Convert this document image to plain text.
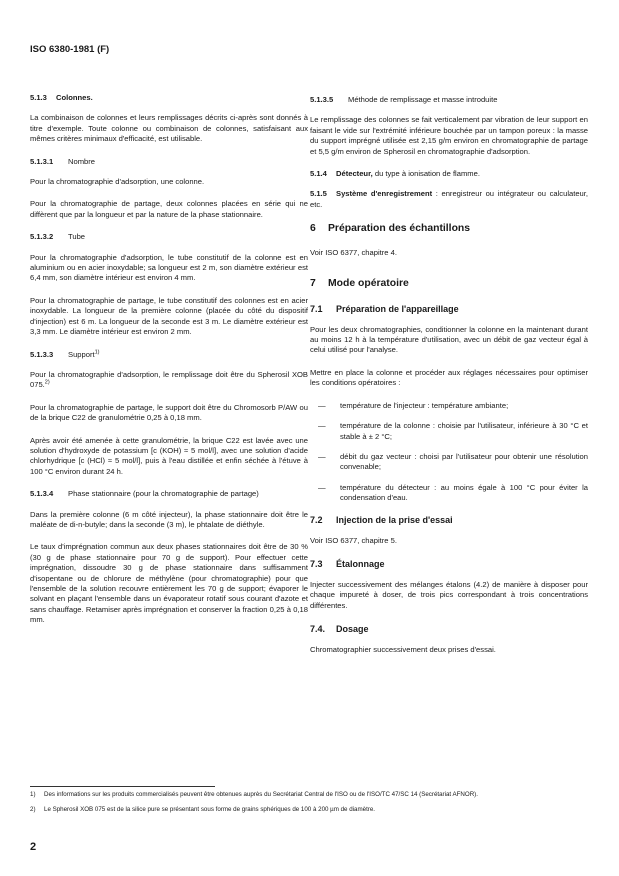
ISO 6380-1981 (F)
5.1.3 Colonnes.

La combinaison de colonnes et leurs remplissages décrits ci-après sont donnés à titre d'exemple. Toute colonne ou combinaison de colonnes, satisfaisant aux mêmes critères minimaux d'efficacité, est utilisable.

5.1.3.1 Nombre

Pour la chromatographie d'adsorption, une colonne.

Pour la chromatographie de partage, deux colonnes placées en série qui ne diffèrent que par la longueur et par la nature de la phase stationnaire.

5.1.3.2 Tube

Pour la chromatographie d'adsorption, le tube constitutif de la colonne est en aluminium ou en acier inoxydable; sa longueur est 2 m, son diamètre extérieur est 6,4 mm, son diamètre intérieur est environ 4 mm.

Pour la chromatographie de partage, le tube constitutif des colonnes est en acier inoxydable. La longueur de la première colonne (placée du côté du dispositif d'injection) est 6 m. La longueur de la seconde est 3 m. Le diamètre extérieur est 3,3 mm. Le diamètre intérieur est environ 2 mm.

5.1.3.3 Support$^{1)}$

Pour la chromatographie d'adsorption, le remplissage doit être du Spherosil XOB 075.$^{2)}$

Pour la chromatographie de partage, le support doit être du Chromosorb P/AW ou de la brique C22 de granulométrie 0,25 à 0,18 mm.

Après avoir été amenée à cette granulométrie, la brique C22 est lavée avec une solution d'hydroxyde de potassium [c (KOH) ≈ 5 mol/l], avec une solution d'acide chlorhydrique [c (HCl) ≈ 5 mol/l], puis à l'eau distillée et enfin séchée à l'étuve à 100 °C environ durant 24 h.

5.1.3.4 Phase stationnaire (pour la chromatographie de partage)

Dans la première colonne (6 m côté injecteur), la phase stationnaire doit être le maléate de di-n-butyle; dans la seconde (3 m), le phtalate de diéthyle.

Le taux d'imprégnation commun aux deux phases stationnaires doit être de 30 % (30 g de phase stationnaire pour 70 g de support). Pour effectuer cette imprégnation, dissoudre 30 g de phase stationnaire dans suffisamment d'isopentane ou de chlorure de méthylène (pour chromatographie) pour que l'ensemble de la solution recouvre entièrement les 70 g de support; évaporer le solvant en plaçant l'ensemble dans un évaporateur rotatif sous courant d'azote et sans chauffage. Retamiser après imprégnation et conserver la fraction 0,25 à 0,18 mm.

5.1.3.5 Méthode de remplissage et masse introduite

Le remplissage des colonnes se fait verticalement par vibration de leur support en faisant le vide sur l'extrémité inférieure bouchée par un tampon poreux : la masse du support imprégné utilisée est 2,15 g/m environ en chromatographie de partage et 5,5 g/m environ de Spherosil en chromatographie d'adsorption.

5.1.4 Détecteur, du type à ionisation de flamme.

5.1.5 Système d'enregistrement : enregistreur ou intégrateur ou calculateur, etc.

6 Préparation des échantillons

Voir ISO 6377, chapitre 4.

7 Mode opératoire
7.1 Préparation de l'appareillage

Pour les deux chromatographies, conditionner la colonne en la maintenant durant au moins 12 h à la température d'utilisation, avec un débit de gaz vecteur égal à celui utilisé pour l'analyse.

Mettre en place la colonne et procéder aux réglages nécessaires pour optimiser les conditions opératoires :

— température de l'injecteur : température ambiante;
— température de la colonne : choisie par l'utilisateur, inférieure à 30 °C et stable à ± 2 °C;
— débit du gaz vecteur : choisi par l'utilisateur pour obtenir une résolution convenable;
— température du détecteur : au moins égale à 100 °C pour éviter la condensation d'eau.
7.2 Injection de la prise d'essai

Voir ISO 6377, chapitre 5.

7.3 Étalonnage

Injecter successivement des mélanges étalons (4.2) de manière à disposer pour chaque impureté à doser, de trois pics correspondant à trois concentrations différentes.

7.4. Dosage

Chromatographier successivement deux prises d'essai.

1) Des informations sur les produits commercialisés peuvent être obtenues auprès du Secrétariat Central de l'ISO ou de l'ISO/TC 47/SC 14 (Secrétariat AFNOR).
2) Le Spherosil XOB 075 est de la silice pure se présentant sous forme de grains sphériques de 100 à 200 µm de diamètre.
2
